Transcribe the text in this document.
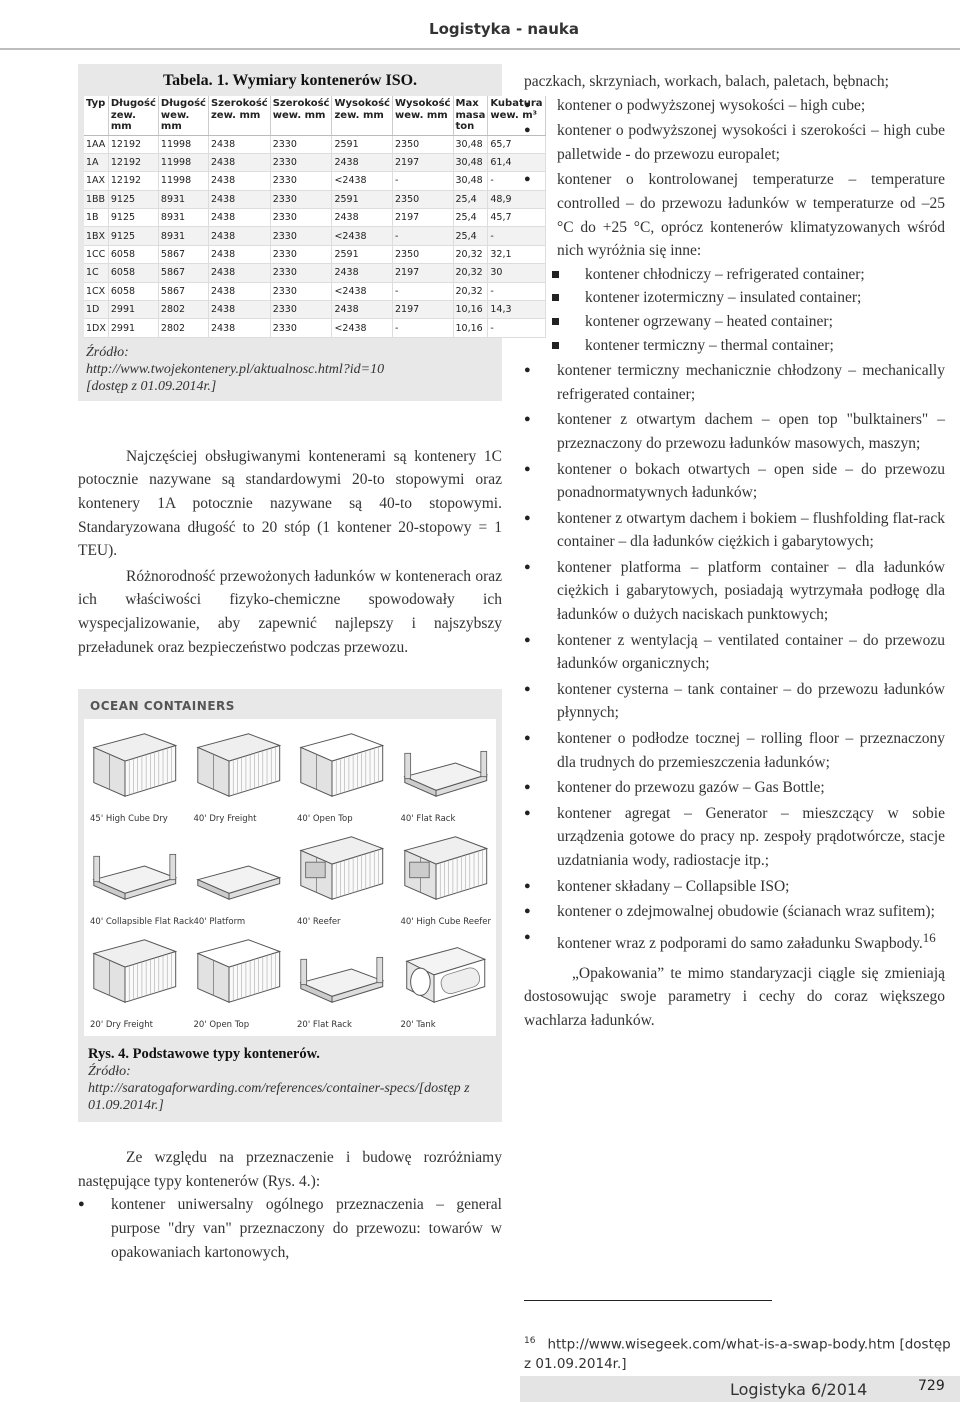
Logistyka - nauka
Tabela. 1. Wymiary kontenerów ISO.
Typ	Długość zew. mm	Długość wew. mm	Szerokość zew. mm	Szerokość wew. mm	Wysokość zew. mm	Wysokość wew. mm	Max masa ton	Kubatura wew. m³
1AA	12192	11998	2438	2330	2591	2350	30,48	65,7
1A	12192	11998	2438	2330	2438	2197	30,48	61,4
1AX	12192	11998	2438	2330	<2438	-	30,48	-
1BB	9125	8931	2438	2330	2591	2350	25,4	48,9
1B	9125	8931	2438	2330	2438	2197	25,4	45,7
1BX	9125	8931	2438	2330	<2438	-	25,4	-
1CC	6058	5867	2438	2330	2591	2350	20,32	32,1
1C	6058	5867	2438	2330	2438	2197	20,32	30
1CX	6058	5867	2438	2330	<2438	-	20,32	-
1D	2991	2802	2438	2330	2438	2197	10,16	14,3
1DX	2991	2802	2438	2330	<2438	-	10,16	-
Źródło:
http://www.twojekontenery.pl/aktualnosc.html?id=10
[dostęp z 01.09.2014r.]

Najczęściej obsługiwanymi kontenerami są kontenery 1C potocznie nazywane są standardowymi 20-to stopowymi oraz kontenery 1A potocznie nazywane są 40-to stopowymi. Standaryzowana długość to 20 stóp (1 kontener 20-stopowy = 1 TEU).

Różnorodność przewożonych ładunków w kontenerach oraz ich właściwości fizyko-chemiczne spowodowały ich wyspecjalizowanie, aby zapewnić najlepszy i najszybszy przeładunek oraz bezpieczeństwo podczas przewozu.

OCEAN CONTAINERS
45' High Cube Dry	40' Dry Freight	40' Open Top	40' Flat Rack
40' Collapsible Flat Rack 40' Platform	40' Reefer	40' High Cube Reefer
20' Dry Freight	20' Open Top	20' Flat Rack	20' Tank
Rys. 4. Podstawowe typy kontenerów.
Źródło:
http://saratogaforwarding.com/references/container-specs/[dostęp z 01.09.2014r.]

Ze względu na przeznaczenie i budowę rozróżniamy następujące typy kontenerów (Rys. 4.):

● kontener uniwersalny ogólnego przeznaczenia – general purpose "dry van" przeznaczony do przewozu: towarów w opakowaniach kartonowych,

paczkach, skrzyniach, workach, balach, paletach, bębnach;

● kontener o podwyższonej wysokości – high cube;
● kontener o podwyższonej wysokości i szerokości – high cube palletwide - do przewozu europalet;
● kontener o kontrolowanej temperaturze – temperature controlled – do przewozu ładunków w temperaturze od –25 °C do +25 °C, oprócz kontenerów klimatyzowanych wśród nich wyróżnia się inne:
kontener chłodniczy – refrigerated container;
kontener izotermiczny – insulated container;
kontener ogrzewany – heated container;
kontener termiczny – thermal container;
● kontener termiczny mechanicznie chłodzony – mechanically refrigerated container;
● kontener z otwartym dachem – open top "bulktainers" – przeznaczony do przewozu ładunków masowych, maszyn;
● kontener o bokach otwartych – open side – do przewozu ponadnormatywnych ładunków;
● kontener z otwartym dachem i bokiem – flushfolding flat-rack container – dla ładunków ciężkich i gabarytowych;
● kontener platforma – platform container – dla ładunków ciężkich i gabarytowych, posiadają wytrzymała podłogę dla ładunków o dużych naciskach punktowych;
● kontener z wentylacją – ventilated container – do przewozu ładunków organicznych;
● kontener cysterna – tank container – do przewozu ładunków płynnych;
● kontener o podłodze tocznej – rolling floor – przeznaczony dla trudnych do przemieszczenia ładunków;
● kontener do przewozu gazów – Gas Bottle;
● kontener agregat – Generator – mieszczący w sobie urządzenia gotowe do pracy np. zespoły prądotwórcze, stacje uzdatniania wody, radiostacje itp.;
● kontener składany – Collapsible ISO;
● kontener o zdejmowalnej obudowie (ścianach wraz sufitem);
● kontener wraz z podporami do samo załadunku Swapbody.$^{16}$

„Opakowania” te mimo standaryzacji ciągle się zmieniają dostosowując swoje parametry i cechy do coraz większego wachlarza ładunków.

$^{16}$ http://www.wisegeek.com/what-is-a-swap-body.htm [dostęp z 01.09.2014r.]
Logistyka 6/2014	729
